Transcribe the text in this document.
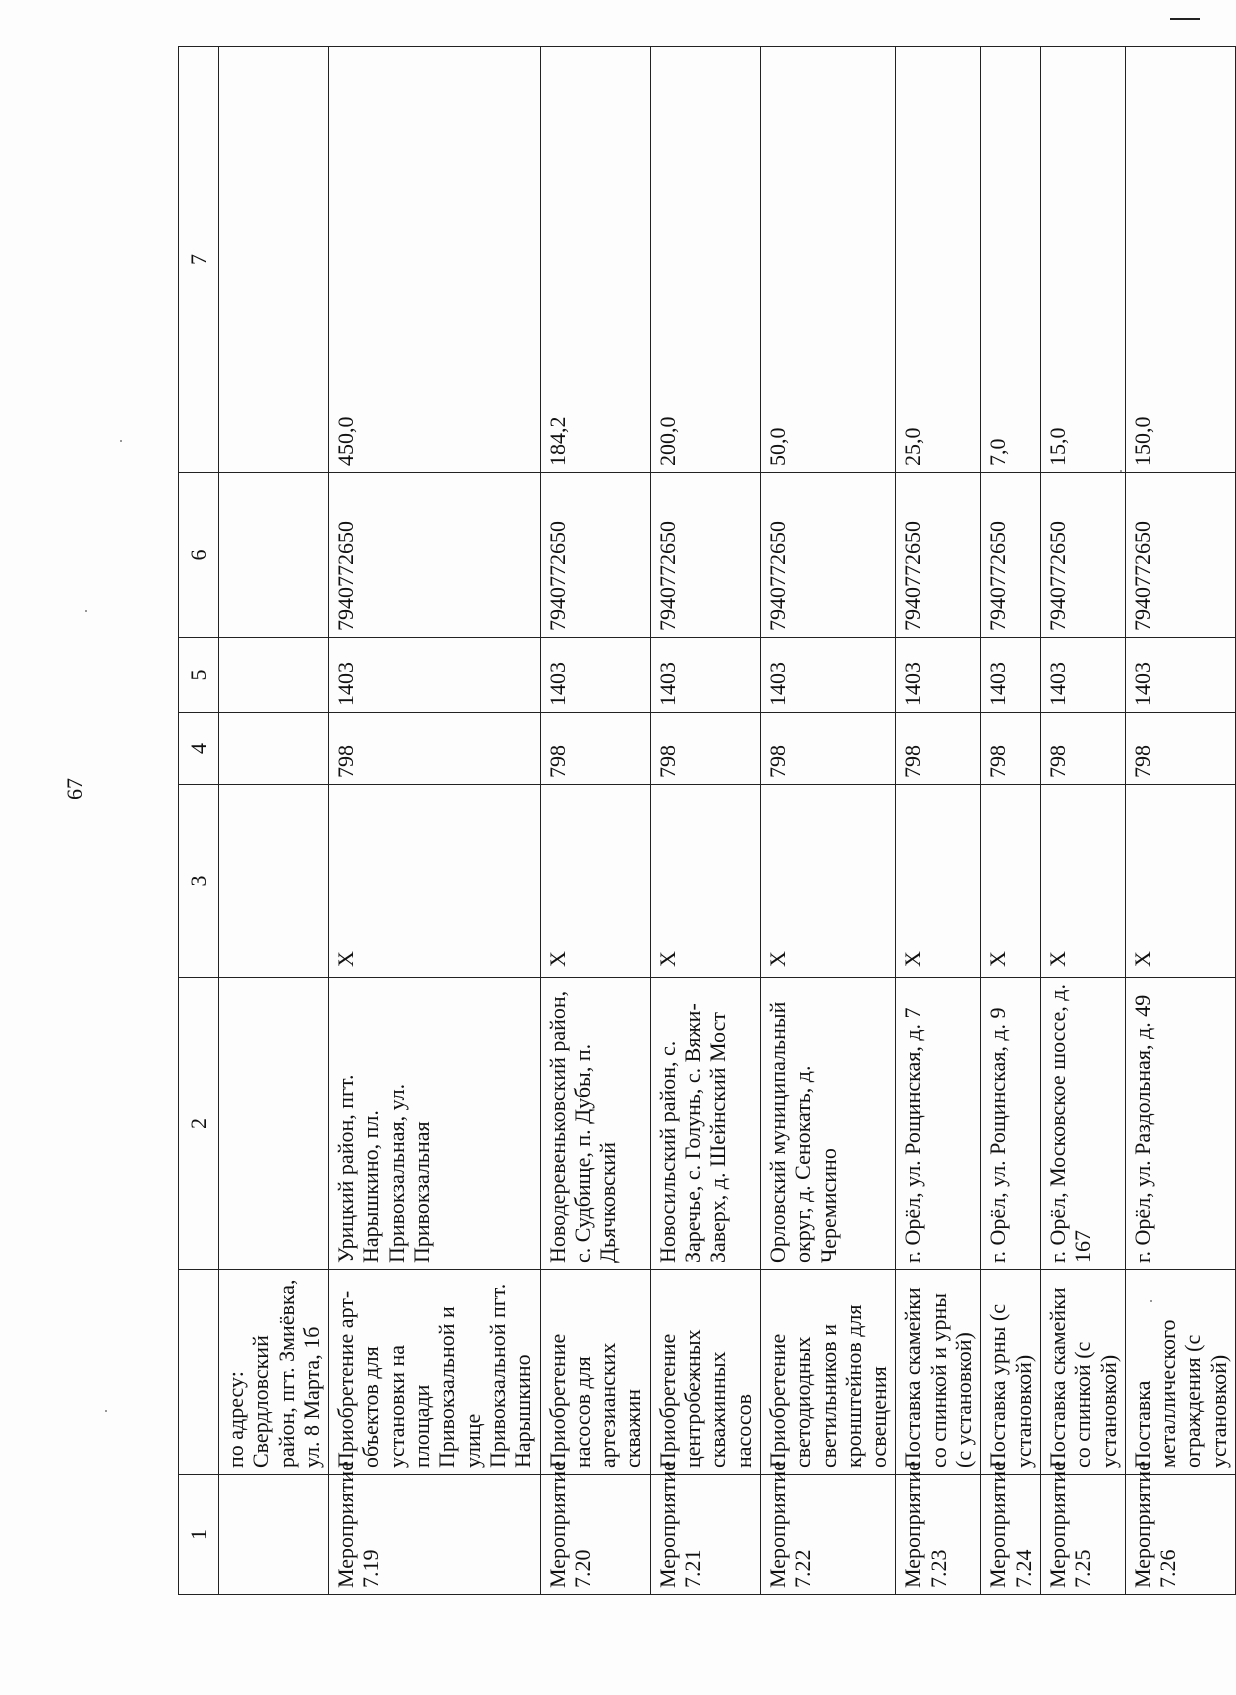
67
1		2	3	4	5	6	7
	по адресу: Свердловский район, пгт. Змиёвка, ул. 8 Марта, 1б						
Мероприятие 7.19	Приобретение арт-объектов для установки на площади Привокзальной и улице Привокзальной пгт. Нарышкино	Урицкий район, пгт. Нарышкино, пл. Привокзальная, ул. Привокзальная	X	798	1403	7940772650	450,0
Мероприятие 7.20	Приобретение насосов для артезианских скважин	Новодеревеньковский район, с. Судбище, п. Дубы, п. Дьячковский	X	798	1403	7940772650	184,2
Мероприятие 7.21	Приобретение центробежных скважинных насосов	Новосильский район, с. Заречье, с. Голунь, с. Вяжи-Заверх, д. Шейнский Мост	X	798	1403	7940772650	200,0
Мероприятие 7.22	Приобретение светодиодных светильников и кронштейнов для освещения	Орловский муниципальный округ, д. Сенокать, д. Черемисино	X	798	1403	7940772650	50,0
Мероприятие 7.23	Поставка скамейки со спинкой и урны (с установкой)	г. Орёл, ул. Рощинская, д. 7	X	798	1403	7940772650	25,0
Мероприятие 7.24	Поставка урны (с установкой)	г. Орёл, ул. Рощинская, д. 9	X	798	1403	7940772650	7,0
Мероприятие 7.25	Поставка скамейки со спинкой (с установкой)	г. Орёл, Московское шоссе, д. 167	X	798	1403	7940772650	15,0
Мероприятие 7.26	Поставка металлического ограждения (с установкой)	г. Орёл, ул. Раздольная, д. 49	X	798	1403	7940772650	150,0
